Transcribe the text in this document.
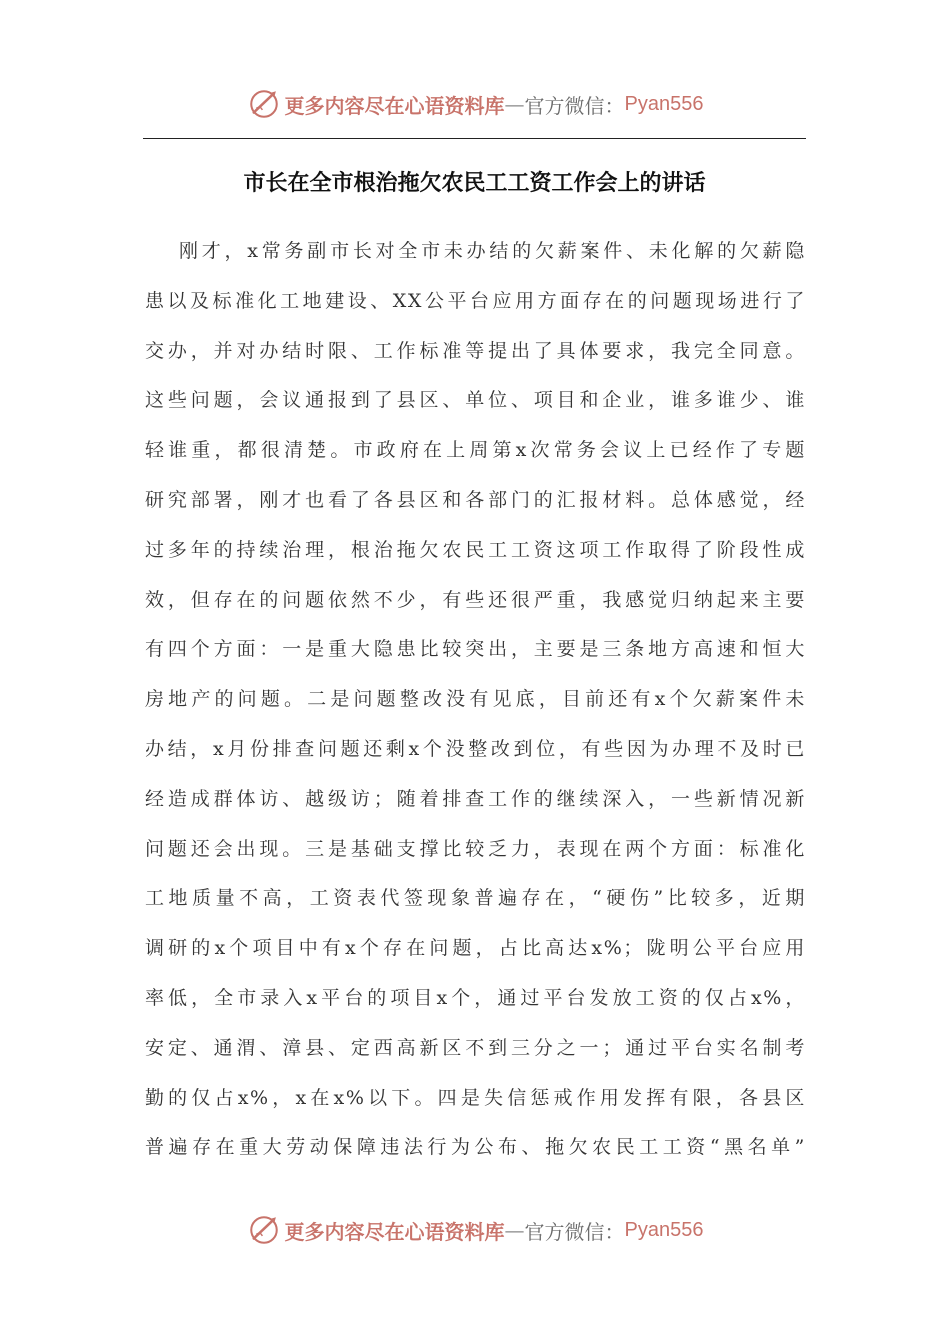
更多内容尽在心语资料库 — 官方微信： Pyan556
市长在全市根治拖欠农民工工资工作会上的讲话
刚才，x常务副市长对全市未办结的欠薪案件、未化解的欠薪隐
患以及标准化工地建设、XX公平台应用方面存在的问题现场进行了
交办，并对办结时限、工作标准等提出了具体要求，我完全同意。
这些问题，会议通报到了县区、单位、项目和企业，谁多谁少、谁
轻谁重，都很清楚。市政府在上周第x次常务会议上已经作了专题
研究部署，刚才也看了各县区和各部门的汇报材料。总体感觉，经
过多年的持续治理，根治拖欠农民工工资这项工作取得了阶段性成
效，但存在的问题依然不少，有些还很严重，我感觉归纳起来主要
有四个方面：一是重大隐患比较突出，主要是三条地方高速和恒大
房地产的问题。二是问题整改没有见底，目前还有x个欠薪案件未
办结，x月份排查问题还剩x个没整改到位，有些因为办理不及时已
经造成群体访、越级访；随着排查工作的继续深入，一些新情况新
问题还会出现。三是基础支撑比较乏力，表现在两个方面：标准化
工地质量不高，工资表代签现象普遍存在，“硬伤”比较多，近期
调研的x个项目中有x个存在问题，占比高达x%；陇明公平台应用
率低，全市录入x平台的项目x个，通过平台发放工资的仅占x%，
安定、通渭、漳县、定西高新区不到三分之一；通过平台实名制考
勤的仅占x%，x在x%以下。四是失信惩戒作用发挥有限，各县区
普遍存在重大劳动保障违法行为公布、拖欠农民工工资“黑名单”
更多内容尽在心语资料库 — 官方微信： Pyan556
